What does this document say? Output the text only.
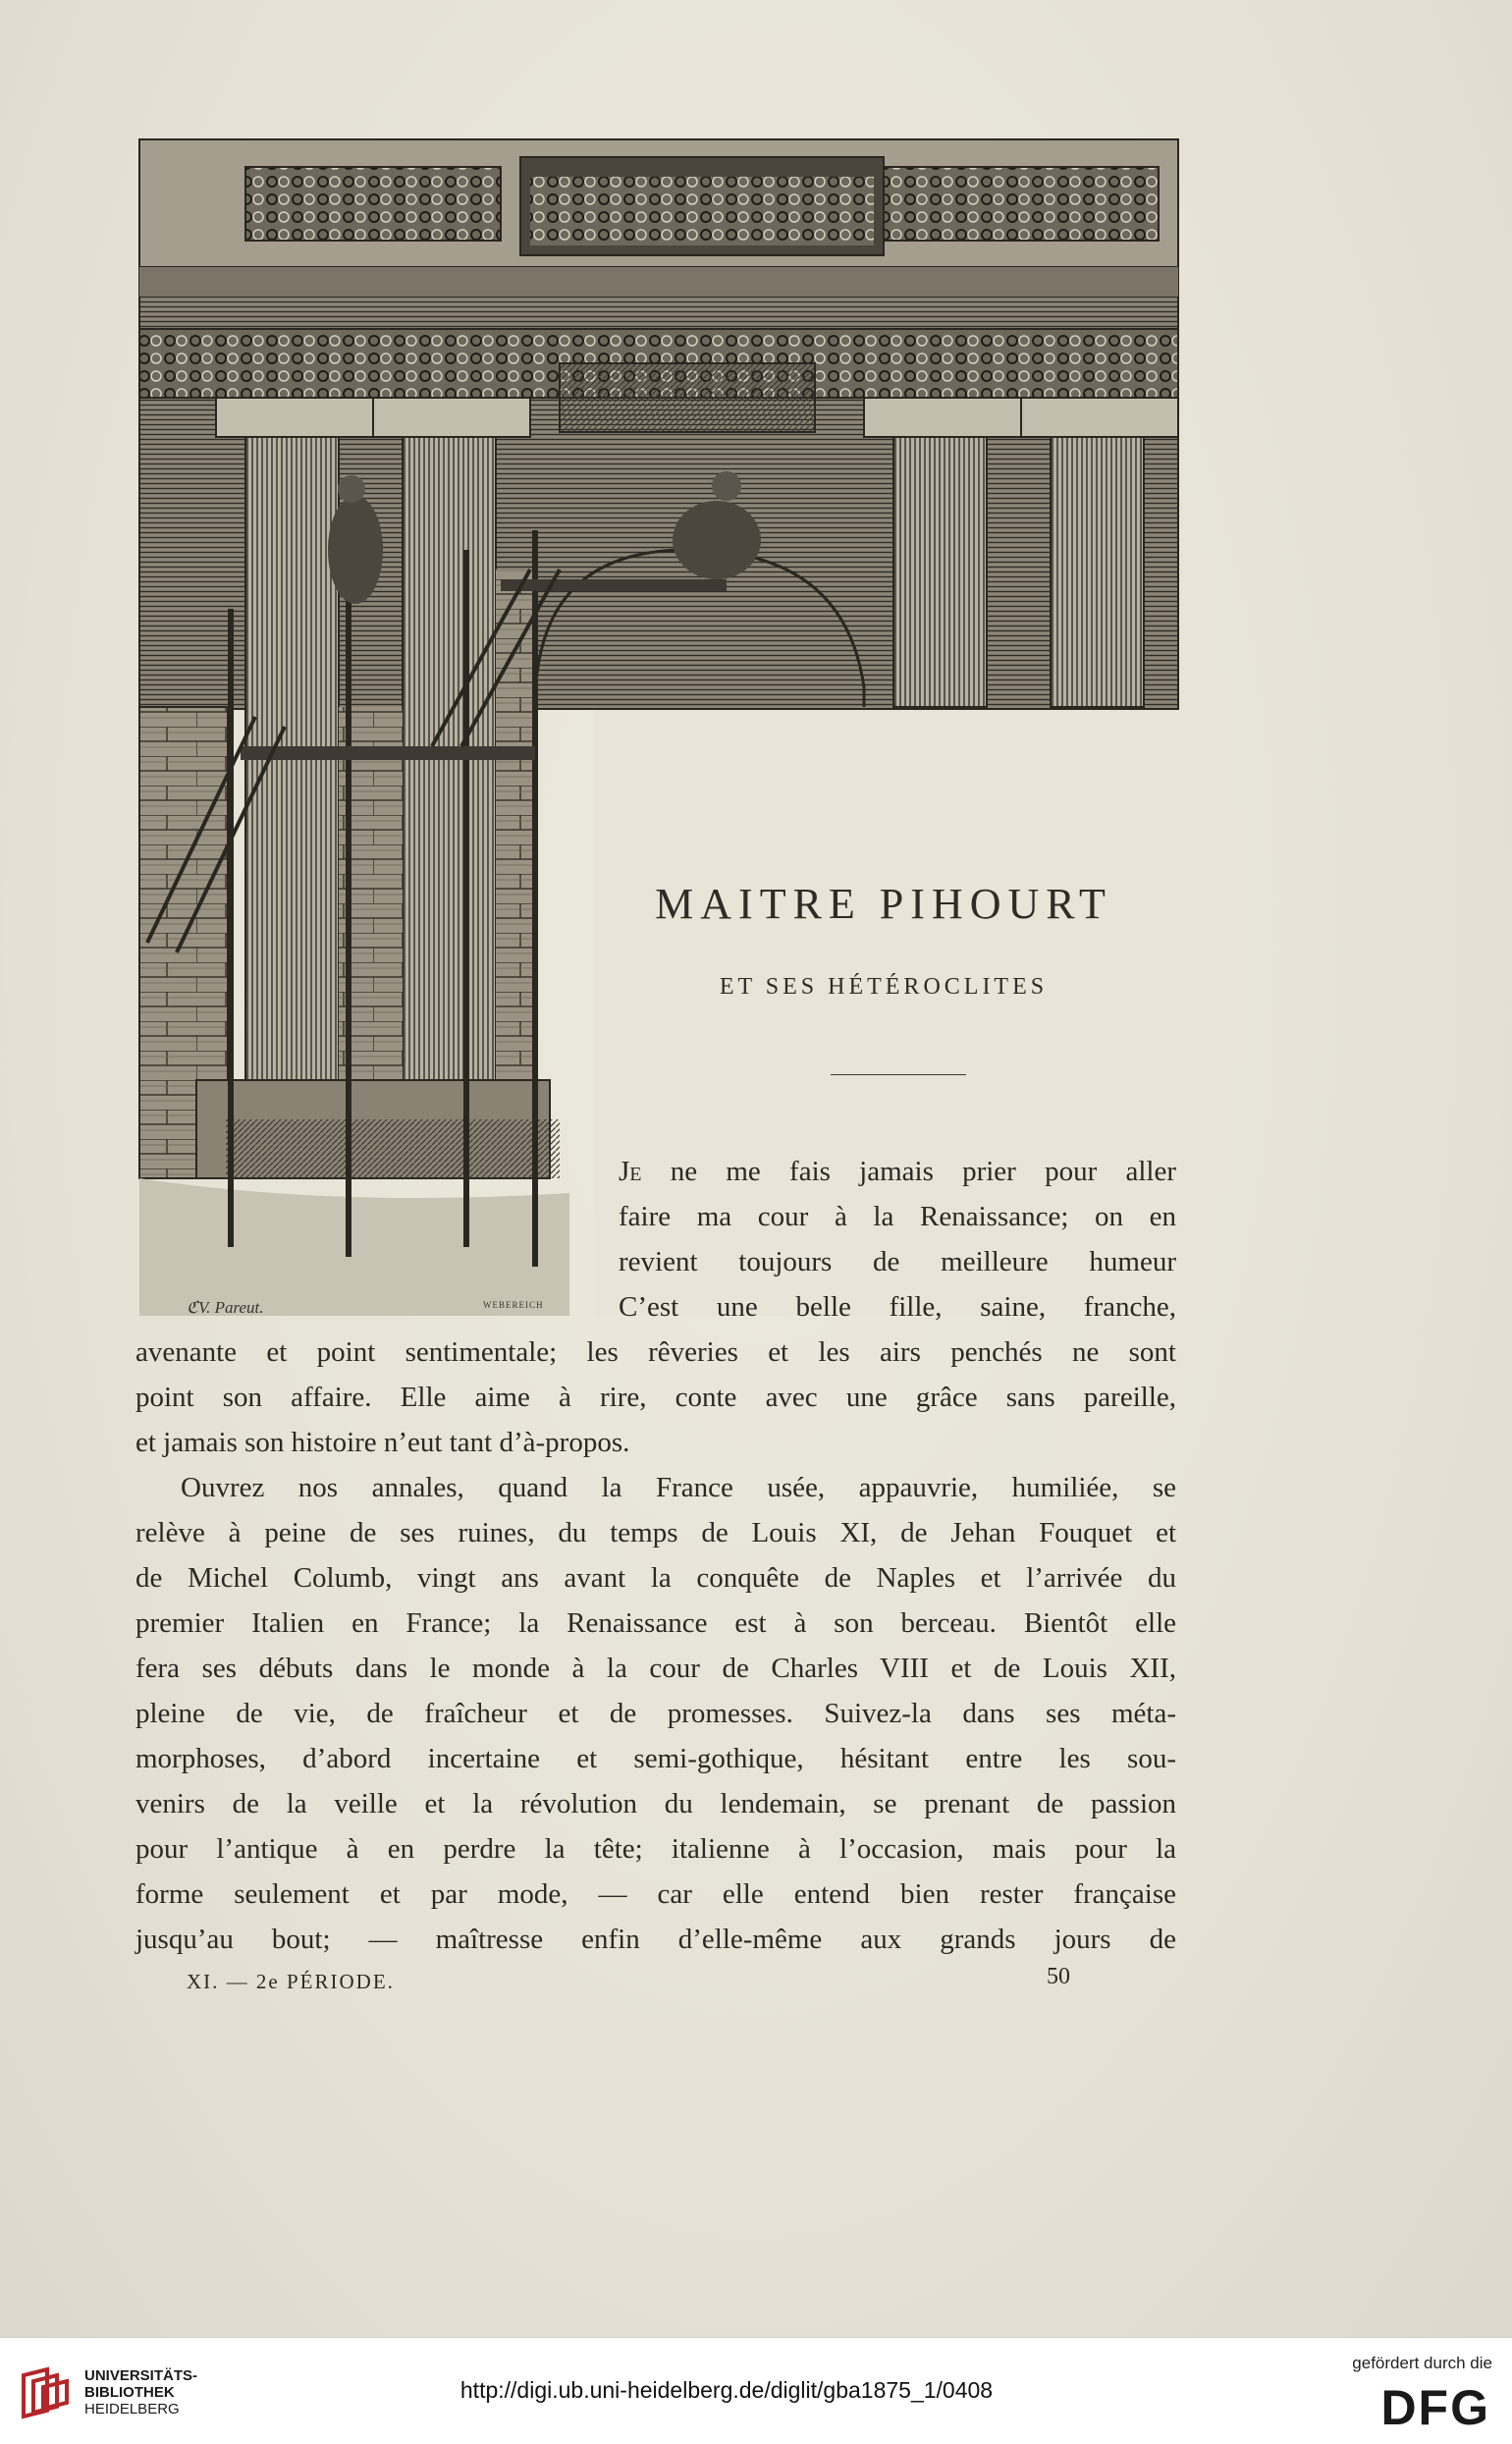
ℭV. Pareut.	WEBEREICH
MAITRE PIHOURT
ET SES HÉTÉROCLITES
Je ne me fais jamais prier pour aller
faire ma cour à la Renaissance; on en
revient toujours de meilleure humeur
C’est une belle fille, saine, franche,
avenante et point sentimentale; les rêveries et les airs penchés ne sont
point son affaire. Elle aime à rire, conte avec une grâce sans pareille,
et jamais son histoire n’eut tant d’à-propos.
Ouvrez nos annales, quand la France usée, appauvrie, humiliée, se
relève à peine de ses ruines, du temps de Louis XI, de Jehan Fouquet et
de Michel Columb, vingt ans avant la conquête de Naples et l’arrivée du
premier Italien en France; la Renaissance est à son berceau. Bientôt elle
fera ses débuts dans le monde à la cour de Charles VIII et de Louis XII,
pleine de vie, de fraîcheur et de promesses. Suivez-la dans ses méta-
morphoses, d’abord incertaine et semi-gothique, hésitant entre les sou-
venirs de la veille et la révolution du lendemain, se prenant de passion
pour l’antique à en perdre la tête; italienne à l’occasion, mais pour la
forme seulement et par mode, — car elle entend bien rester française
jusqu’au bout; — maîtresse enfin d’elle-même aux grands jours de
XI. — 2e PÉRIODE.	50
UNIVERSITÄTS-
BIBLIOTHEK
HEIDELBERG
http://digi.ub.uni-heidelberg.de/diglit/gba1875_1/0408
gefördert durch die
DFG
